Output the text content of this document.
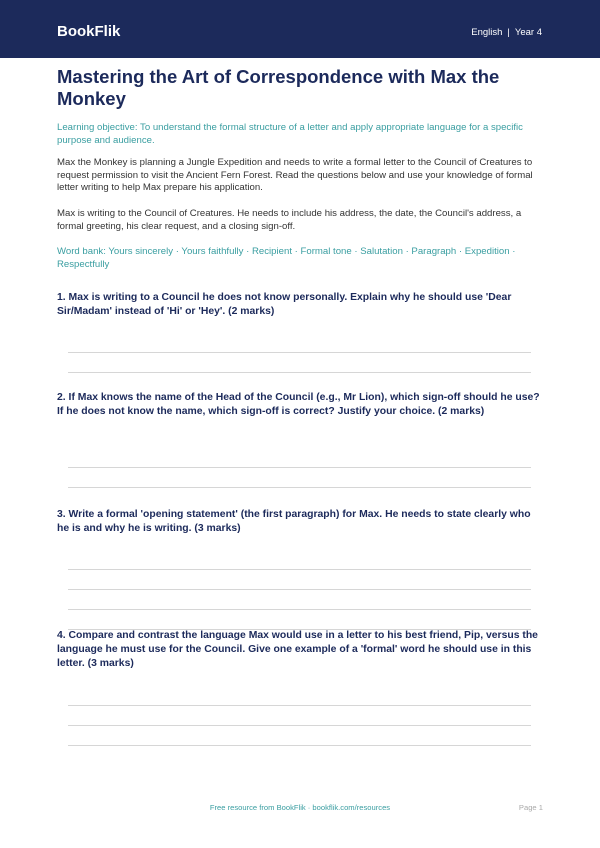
BookFlik	English | Year 4
Mastering the Art of Correspondence with Max the Monkey

Learning objective: To understand the formal structure of a letter and apply appropriate language for a specific purpose and audience.

Max the Monkey is planning a Jungle Expedition and needs to write a formal letter to the Council of Creatures to request permission to visit the Ancient Fern Forest. Read the questions below and use your knowledge of formal letter writing to help Max prepare his application.

Max is writing to the Council of Creatures. He needs to include his address, the date, the Council's address, a formal greeting, his clear request, and a closing sign-off.

Word bank: Yours sincerely · Yours faithfully · Recipient · Formal tone · Salutation · Paragraph · Expedition · Respectfully

1. Max is writing to a Council he does not know personally. Explain why he should use 'Dear Sir/Madam' instead of 'Hi' or 'Hey'. (2 marks)

2. If Max knows the name of the Head of the Council (e.g., Mr Lion), which sign-off should he use? If he does not know the name, which sign-off is correct? Justify your choice. (2 marks)

3. Write a formal 'opening statement' (the first paragraph) for Max. He needs to state clearly who he is and why he is writing. (3 marks)

4. Compare and contrast the language Max would use in a letter to his best friend, Pip, versus the language he must use for the Council. Give one example of a 'formal' word he should use in this letter. (3 marks)

Free resource from BookFlik · bookflik.com/resources	Page 1
